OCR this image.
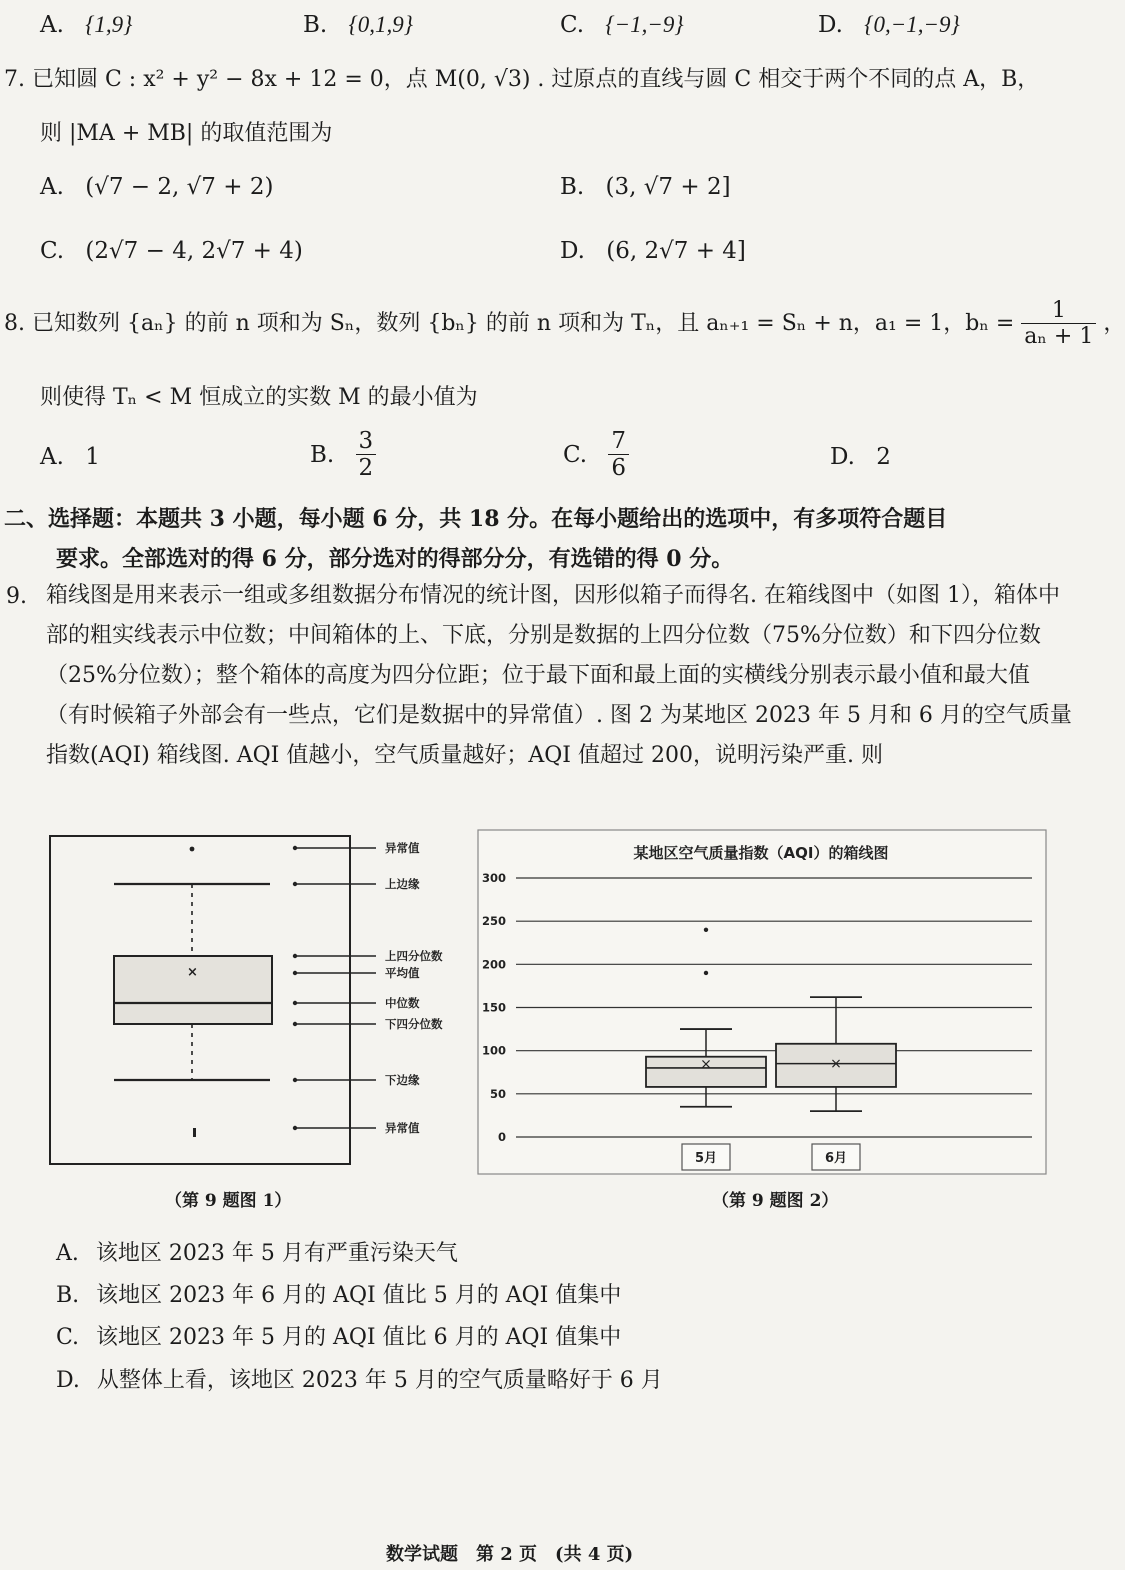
A. {1,9}	B. {0,1,9}	C. {−1,−9}	D. {0,−1,−9}
7. 已知圆 C : x² + y² − 8x + 12 = 0，点 M(0, √3) . 过原点的直线与圆 C 相交于两个不同的点 A，B，
则 |MA + MB| 的取值范围为
A. (√7 − 2, √7 + 2)	B. (3, √7 + 2]
C. (2√7 − 4, 2√7 + 4)	D. (6, 2√7 + 4]
8. 已知数列 {aₙ} 的前 n 项和为 Sₙ，数列 {bₙ} 的前 n 项和为 Tₙ，且 aₙ₊₁ = Sₙ + n，a₁ = 1，$b_n = \frac{1}{\text{aₙ + 1}}$ ，
则使得 Tₙ < M 恒成立的实数 M 的最小值为
A. 1	B. $\frac{3}{2}$	C. $\frac{7}{6}$	D. 2
二、选择题：本题共 3 小题，每小题 6 分，共 18 分。在每小题给出的选项中，有多项符合题目
要求。全部选对的得 6 分，部分选对的得部分分，有选错的得 0 分。
9. 箱线图是用来表示一组或多组数据分布情况的统计图，因形似箱子而得名. 在箱线图中（如图 1），箱体中部的粗实线表示中位数；中间箱体的上、下底，分别是数据的上四分位数（75%分位数）和下四分位数（25%分位数）；整个箱体的高度为四分位距；位于最下面和最上面的实横线分别表示最小值和最大值（有时候箱子外部会有一些点，它们是数据中的异常值）. 图 2 为某地区 2023 年 5 月和 6 月的空气质量指数(AQI) 箱线图. AQI 值越小，空气质量越好；AQI 值超过 200，说明污染严重. 则
×
异常值
上边缘
上四分位数
平均值
中位数
下四分位数
下边缘
异常值
（第 9 题图 1）
某地区空气质量指数（AQI）的箱线图
0
50
100
150
200
250
300
×	×
5月	6月
（第 9 题图 2）
A. 该地区 2023 年 5 月有严重污染天气
B. 该地区 2023 年 6 月的 AQI 值比 5 月的 AQI 值集中
C. 该地区 2023 年 5 月的 AQI 值比 6 月的 AQI 值集中
D. 从整体上看，该地区 2023 年 5 月的空气质量略好于 6 月
数学试题　第 2 页　(共 4 页)
